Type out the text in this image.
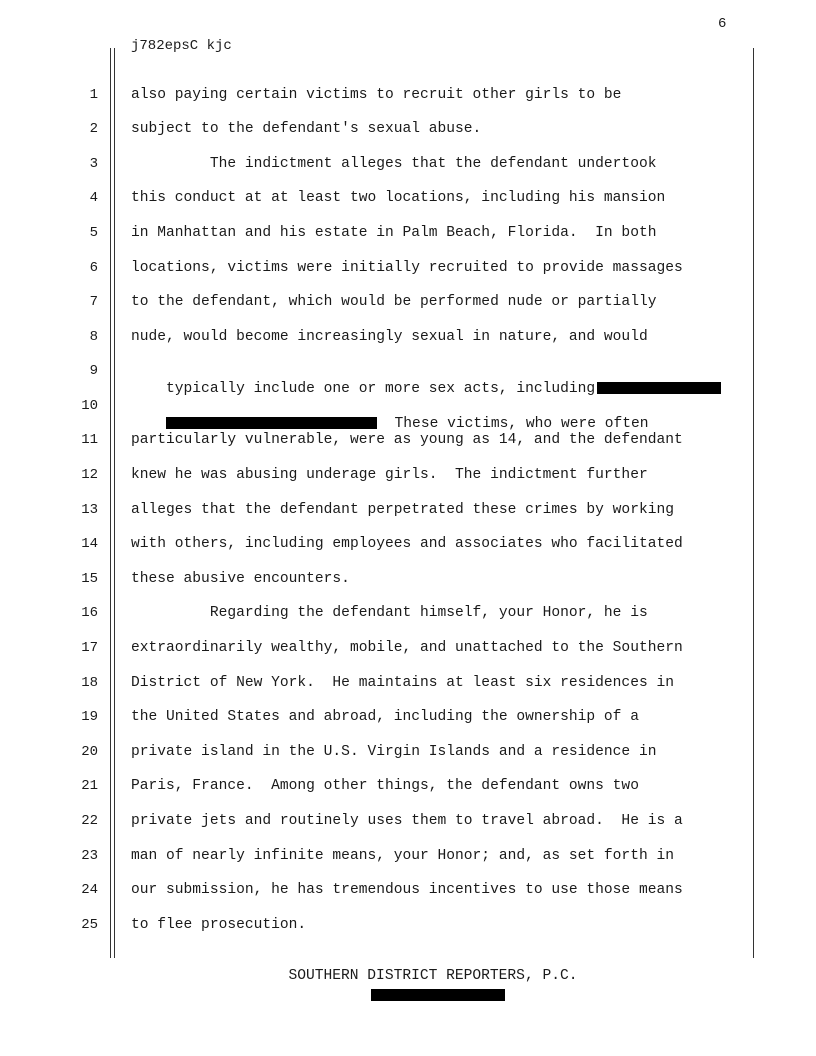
6
j782epsC kjc
1
2
3
4
5
6
7
8
9
10
11
12
13
14
15
16
17
18
19
20
21
22
23
24
25
also paying certain victims to recruit other girls to be
subject to the defendant's sexual abuse.
The indictment alleges that the defendant undertook
this conduct at at least two locations, including his mansion
in Manhattan and his estate in Palm Beach, Florida.  In both
locations, victims were initially recruited to provide massages
to the defendant, which would be performed nude or partially
nude, would become increasingly sexual in nature, and would

typically include one or more sex acts, including

These victims, who were often

particularly vulnerable, were as young as 14, and the defendant
knew he was abusing underage girls.  The indictment further
alleges that the defendant perpetrated these crimes by working
with others, including employees and associates who facilitated
these abusive encounters.
Regarding the defendant himself, your Honor, he is
extraordinarily wealthy, mobile, and unattached to the Southern
District of New York.  He maintains at least six residences in
the United States and abroad, including the ownership of a
private island in the U.S. Virgin Islands and a residence in
Paris, France.  Among other things, the defendant owns two
private jets and routinely uses them to travel abroad.  He is a
man of nearly infinite means, your Honor; and, as set forth in
our submission, he has tremendous incentives to use those means
to flee prosecution.
SOUTHERN DISTRICT REPORTERS, P.C.
